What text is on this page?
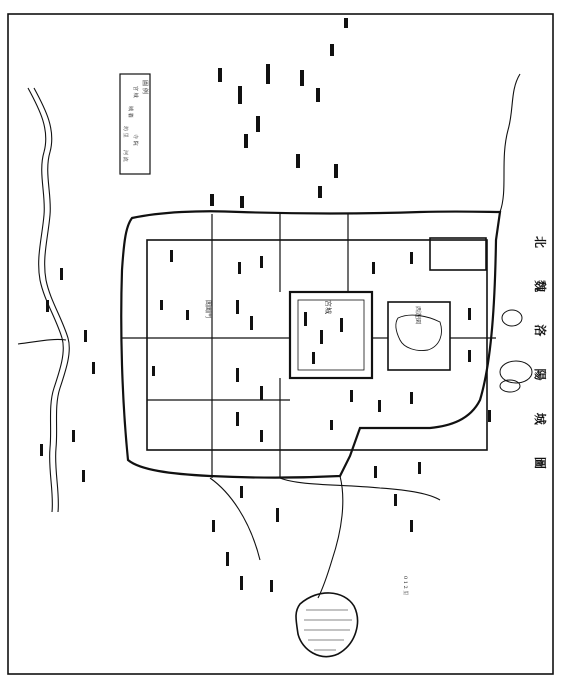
北 魏 洛 陽 城 圖
圖 例
宮 城
城 牆
坊 里
寺 院
河 流
宮城	西遊園
閶闔門
0 1 2 里
